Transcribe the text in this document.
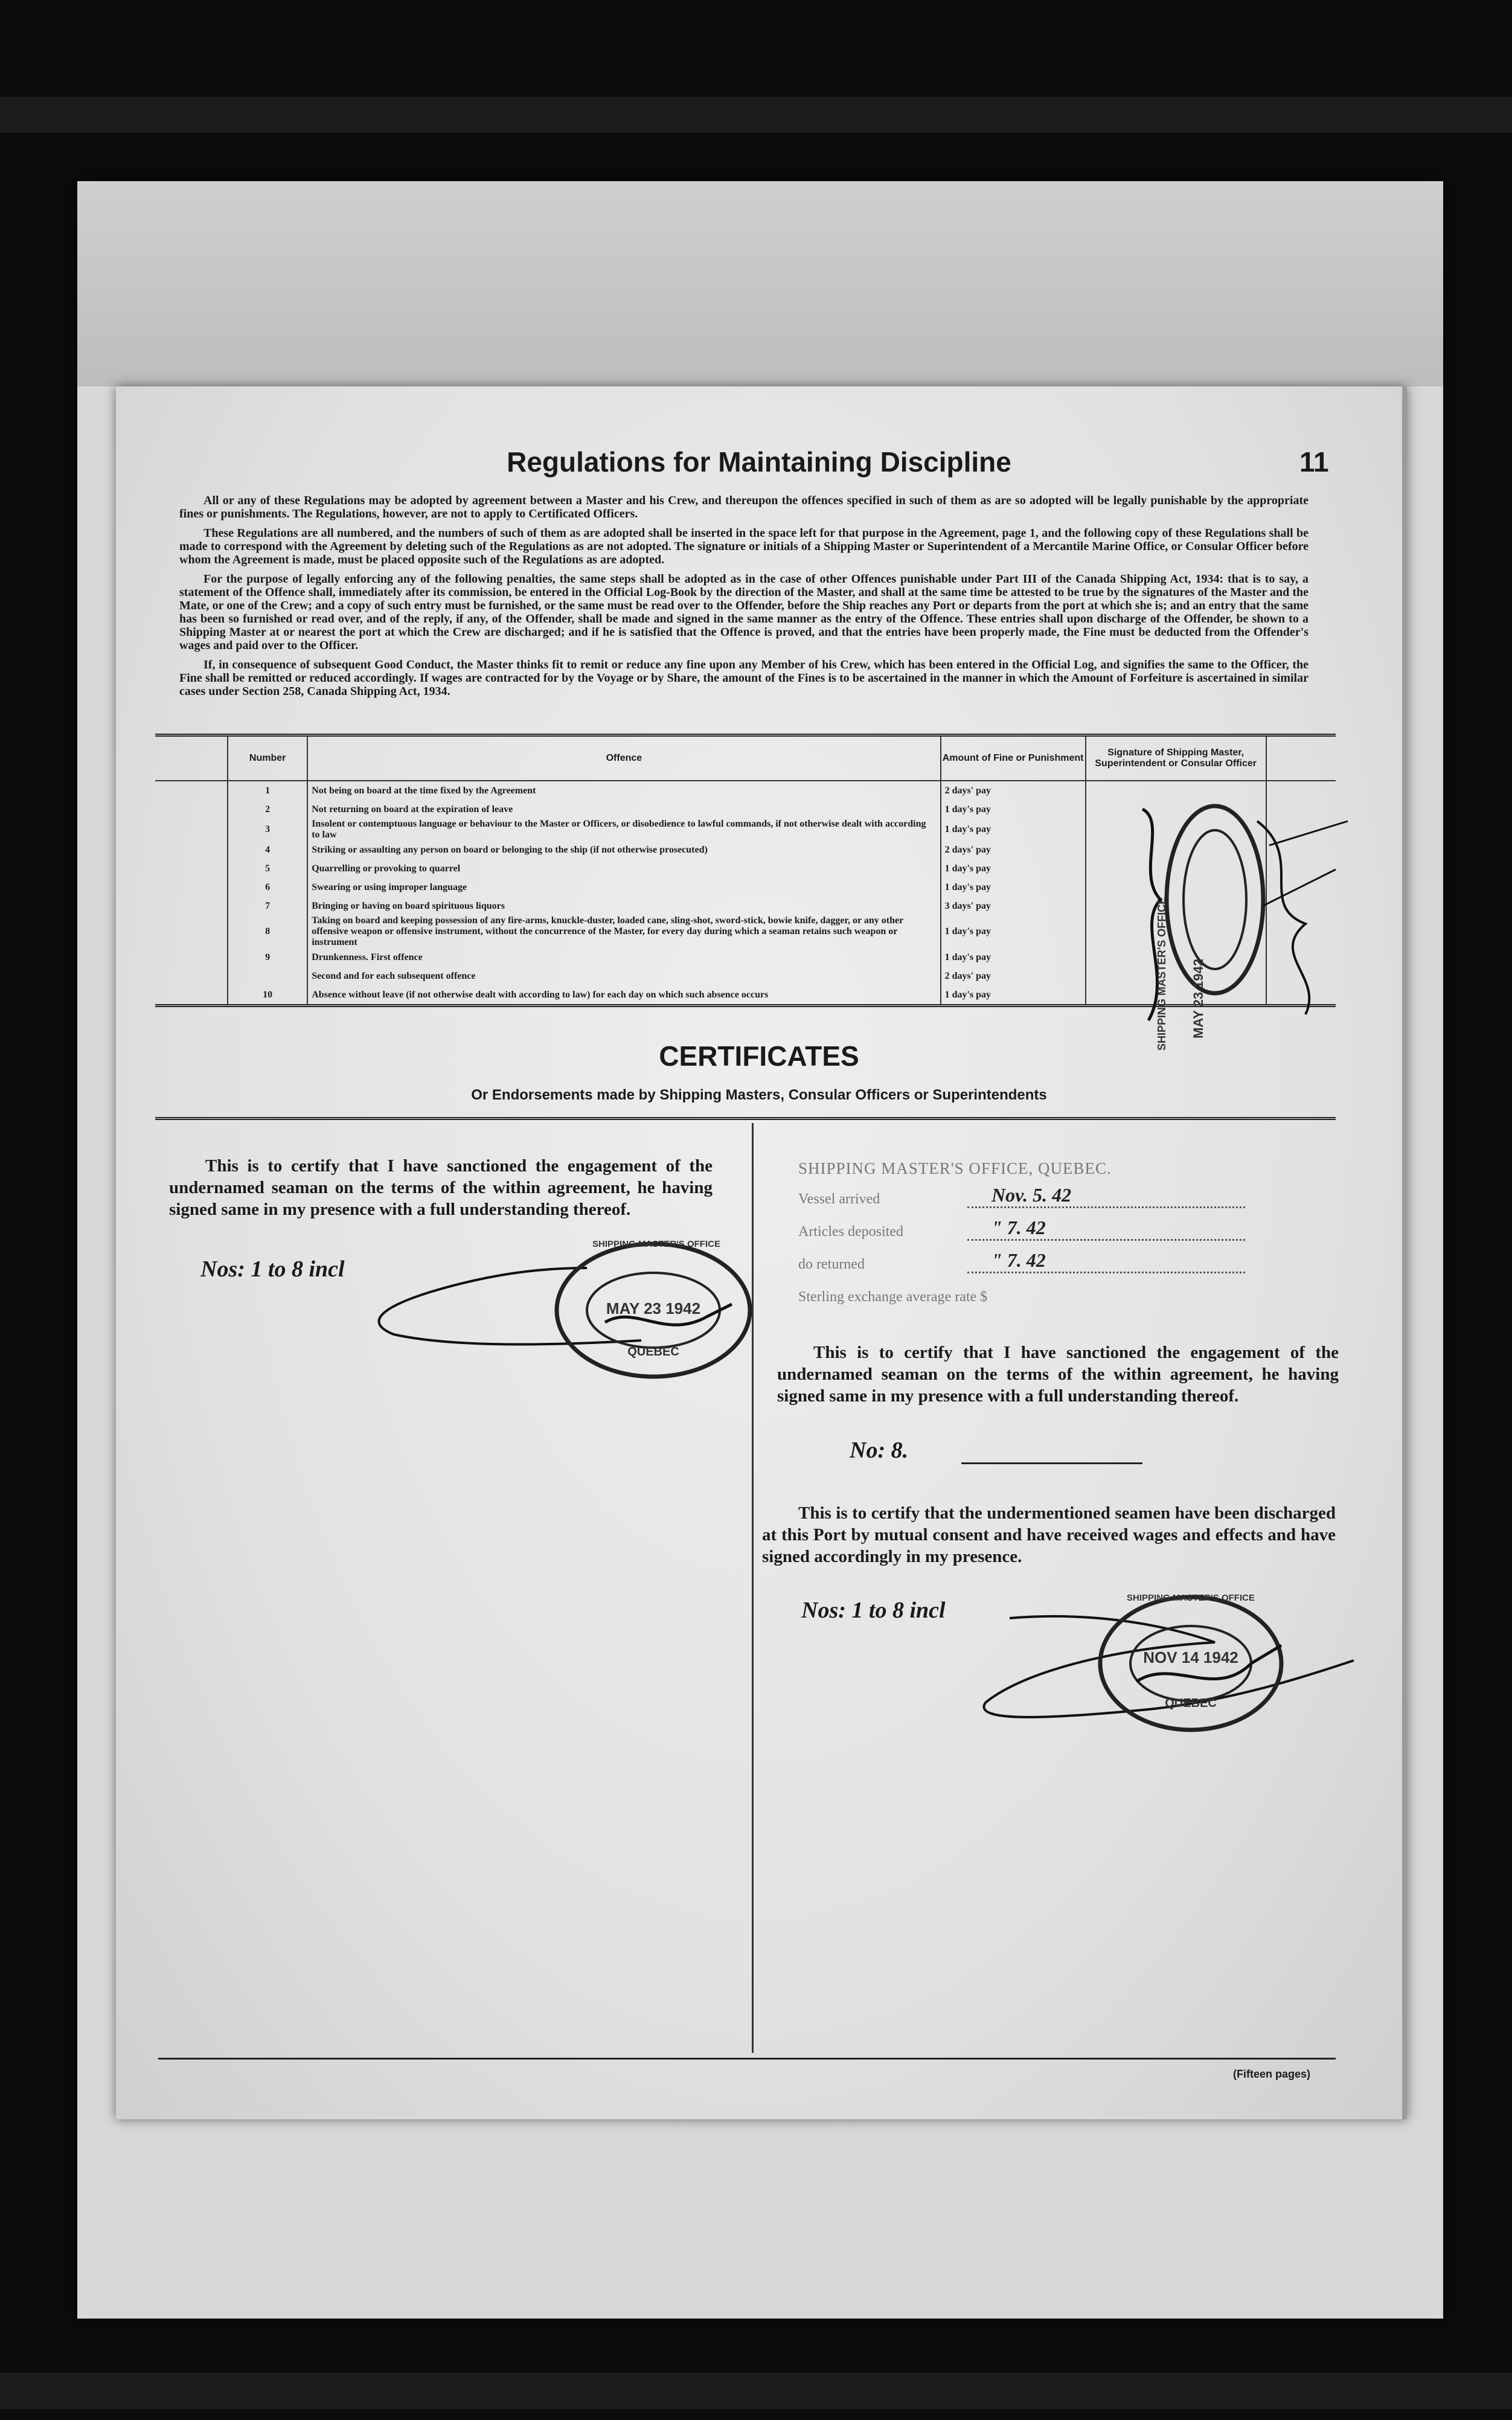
Regulations for Maintaining Discipline	11

All or any of these Regulations may be adopted by agreement between a Master and his Crew, and thereupon the offences specified in such of them as are so adopted will be legally punishable by the appropriate fines or punishments. The Regulations, however, are not to apply to Certificated Officers.

These Regulations are all numbered, and the numbers of such of them as are adopted shall be inserted in the space left for that purpose in the Agreement, page 1, and the following copy of these Regulations shall be made to correspond with the Agreement by deleting such of the Regulations as are not adopted. The signature or initials of a Shipping Master or Superintendent of a Mercantile Marine Office, or Consular Officer before whom the Agreement is made, must be placed opposite such of the Regulations as are adopted.

For the purpose of legally enforcing any of the following penalties, the same steps shall be adopted as in the case of other Offences punishable under Part III of the Canada Shipping Act, 1934: that is to say, a statement of the Offence shall, immediately after its commission, be entered in the Official Log-Book by the direction of the Master, and shall at the same time be attested to be true by the signatures of the Master and the Mate, or one of the Crew; and a copy of such entry must be furnished, or the same must be read over to the Offender, before the Ship reaches any Port or departs from the port at which she is; and an entry that the same has been so furnished or read over, and of the reply, if any, of the Offender, shall be made and signed in the same manner as the entry of the Offence. These entries shall upon discharge of the Offender, be shown to a Shipping Master at or nearest the port at which the Crew are discharged; and if he is satisfied that the Offence is proved, and that the entries have been properly made, the Fine must be deducted from the Offender's wages and paid over to the Officer.

If, in consequence of subsequent Good Conduct, the Master thinks fit to remit or reduce any fine upon any Member of his Crew, which has been entered in the Official Log, and signifies the same to the Officer, the Fine shall be remitted or reduced accordingly. If wages are contracted for by the Voyage or by Share, the amount of the Fines is to be ascertained in the manner in which the Amount of Forfeiture is ascertained in similar cases under Section 258, Canada Shipping Act, 1934.

	Number	Offence	Amount of Fine or Punishment	Signature of Shipping Master, Superintendent or Consular Officer	
	1	Not being on board at the time fixed by the Agreement	2 days' pay		
	2	Not returning on board at the expiration of leave	1 day's pay		
	3	Insolent or contemptuous language or behaviour to the Master or Officers, or disobedience to lawful commands, if not otherwise dealt with according to law	1 day's pay		
	4	Striking or assaulting any person on board or belonging to the ship (if not otherwise prosecuted)	2 days' pay		
	5	Quarrelling or provoking to quarrel	1 day's pay		
	6	Swearing or using improper language	1 day's pay		
	7	Bringing or having on board spirituous liquors	3 days' pay		
	8	Taking on board and keeping possession of any fire-arms, knuckle-duster, loaded cane, sling-shot, sword-stick, bowie knife, dagger, or any other offensive weapon or offensive instrument, without the concurrence of the Master, for every day during which a seaman retains such weapon or instrument	1 day's pay		
	9	Drunkenness. First offence	1 day's pay		
		Second and for each subsequent offence	2 days' pay		
	10	Absence without leave (if not otherwise dealt with according to law) for each day on which such absence occurs	1 day's pay			MAY 23 1942
SHIPPING MASTER'S OFFICE
CERTIFICATES
Or Endorsements made by Shipping Masters, Consular Officers or Superintendents
This is to certify that I have sanctioned the engagement of the undernamed seaman on the terms of the within agreement, he having signed same in my presence with a full understanding thereof.
Nos: 1 to 8 incl
SHIPPING MASTER'S OFFICE
MAY 23 1942
QUEBEC
SHIPPING MASTER'S OFFICE, QUEBEC.
Vessel arrived	Nov. 5. 42
Articles deposited	" 7. 42
do returned	" 7. 42
Sterling exchange average rate $
This is to certify that I have sanctioned the engagement of the undernamed seaman on the terms of the within agreement, he having signed same in my presence with a full understanding thereof.
No: 8.
This is to certify that the undermentioned seamen have been discharged at this Port by mutual consent and have received wages and effects and have signed accordingly in my presence.
Nos: 1 to 8 incl	SHIPPING MASTER'S OFFICE
NOV 14 1942
QUEBEC
(Fifteen pages)
